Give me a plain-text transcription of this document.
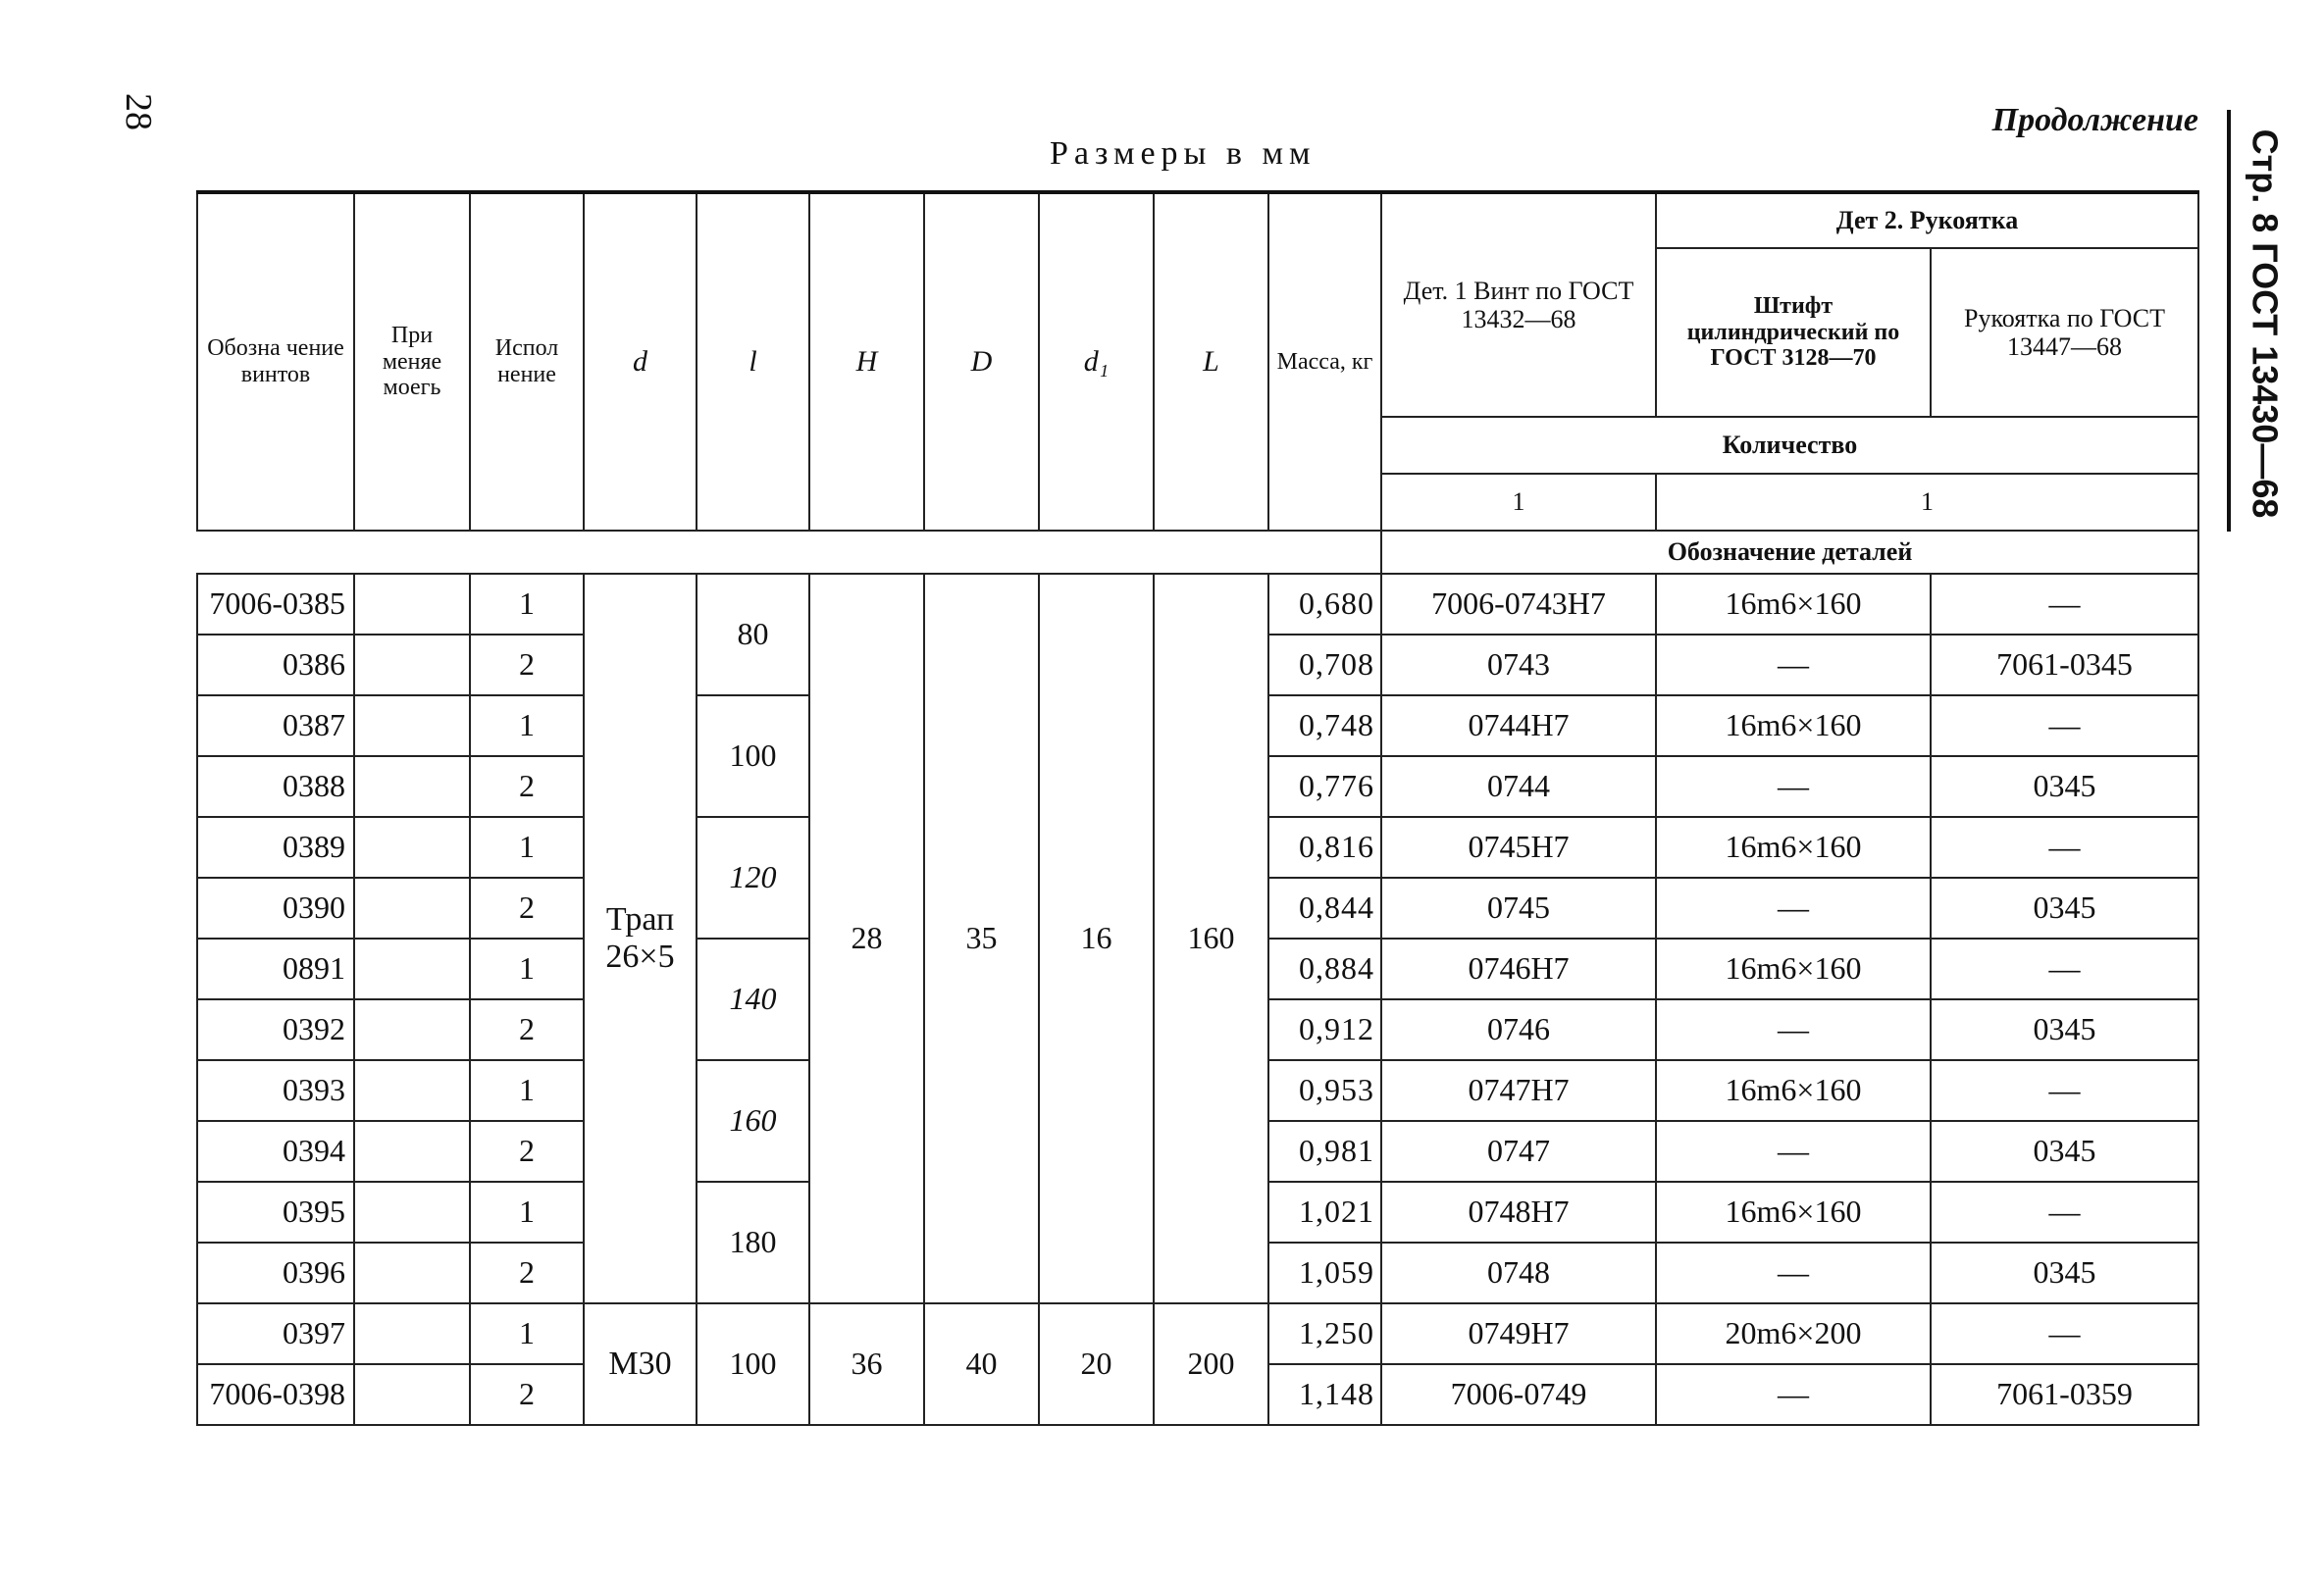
28	Продолжение
Стр. 8 ГОСТ 13430—68
Размеры в мм
Обозна чение винтов	При меняе моегь	Испол нение	d	l	H	D	d₁	L	Масса, кг	Дет. 1 Винт по ГОСТ 13432—68	Дет 2. Рукоятка	
											Штифт цилиндрический по ГОСТ 3128—70	Рукоятка по ГОСТ 13447—68
										Количество		
										1	1	
										Обозначение деталей		
7006-0385		1	Трап 26×5	80	28	35	16	160	0,680	7006-0743Н7	16m6×160	—
0386		2							0,708	0743	—	7061-0345
0387		1		100					0,748	0744Н7	16m6×160	—
0388		2							0,776	0744	—	0345
0389		1		120					0,816	0745Н7	16m6×160	—
0390		2							0,844	0745	—	0345
0891		1		140					0,884	0746Н7	16m6×160	—
0392		2							0,912	0746	—	0345
0393		1		160					0,953	0747Н7	16m6×160	—
0394		2							0,981	0747	—	0345
0395		1		180					1,021	0748Н7	16m6×160	—
0396		2							1,059	0748	—	0345
0397		1	М30	100	36	40	20	200	1,250	0749Н7	20m6×200	—
7006-0398		2							1,148	7006-0749	—	7061-0359
